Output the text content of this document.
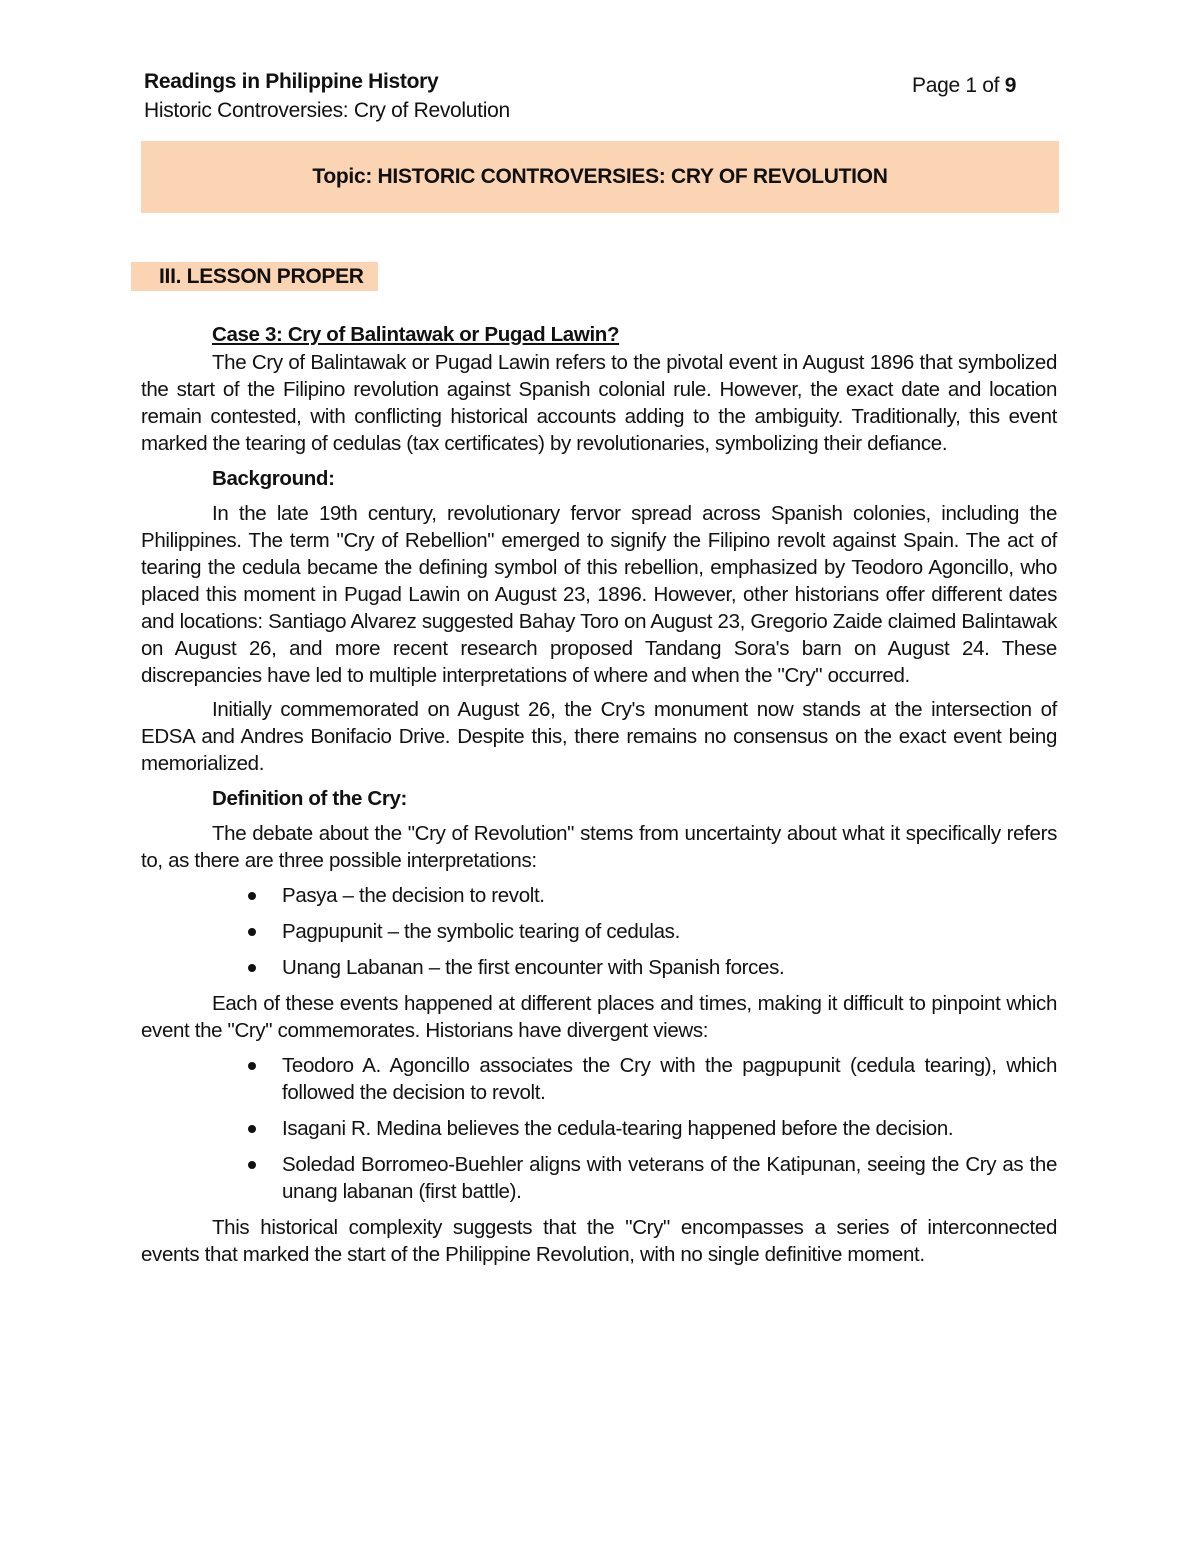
Readings in Philippine History
Historic Controversies: Cry of Revolution
Page 1 of 9
Topic: HISTORIC CONTROVERSIES: CRY OF REVOLUTION
III. LESSON PROPER
Case 3: Cry of Balintawak or Pugad Lawin?

The Cry of Balintawak or Pugad Lawin refers to the pivotal event in August 1896 that symbolized the start of the Filipino revolution against Spanish colonial rule. However, the exact date and location remain contested, with conflicting historical accounts adding to the ambiguity. Traditionally, this event marked the tearing of cedulas (tax certificates) by revolutionaries, symbolizing their defiance.

Background:

In the late 19th century, revolutionary fervor spread across Spanish colonies, including the Philippines. The term "Cry of Rebellion" emerged to signify the Filipino revolt against Spain. The act of tearing the cedula became the defining symbol of this rebellion, emphasized by Teodoro Agoncillo, who placed this moment in Pugad Lawin on August 23, 1896. However, other historians offer different dates and locations: Santiago Alvarez suggested Bahay Toro on August 23, Gregorio Zaide claimed Balintawak on August 26, and more recent research proposed Tandang Sora's barn on August 24. These discrepancies have led to multiple interpretations of where and when the "Cry" occurred.

Initially commemorated on August 26, the Cry's monument now stands at the intersection of EDSA and Andres Bonifacio Drive. Despite this, there remains no consensus on the exact event being memorialized.

Definition of the Cry:

The debate about the "Cry of Revolution" stems from uncertainty about what it specifically refers to, as there are three possible interpretations:

Pasya – the decision to revolt.
Pagpupunit – the symbolic tearing of cedulas.
Unang Labanan – the first encounter with Spanish forces.

Each of these events happened at different places and times, making it difficult to pinpoint which event the "Cry" commemorates. Historians have divergent views:

Teodoro A. Agoncillo associates the Cry with the pagpupunit (cedula tearing), which followed the decision to revolt.
Isagani R. Medina believes the cedula-tearing happened before the decision.
Soledad Borromeo-Buehler aligns with veterans of the Katipunan, seeing the Cry as the unang labanan (first battle).

This historical complexity suggests that the "Cry" encompasses a series of interconnected events that marked the start of the Philippine Revolution, with no single definitive moment.
